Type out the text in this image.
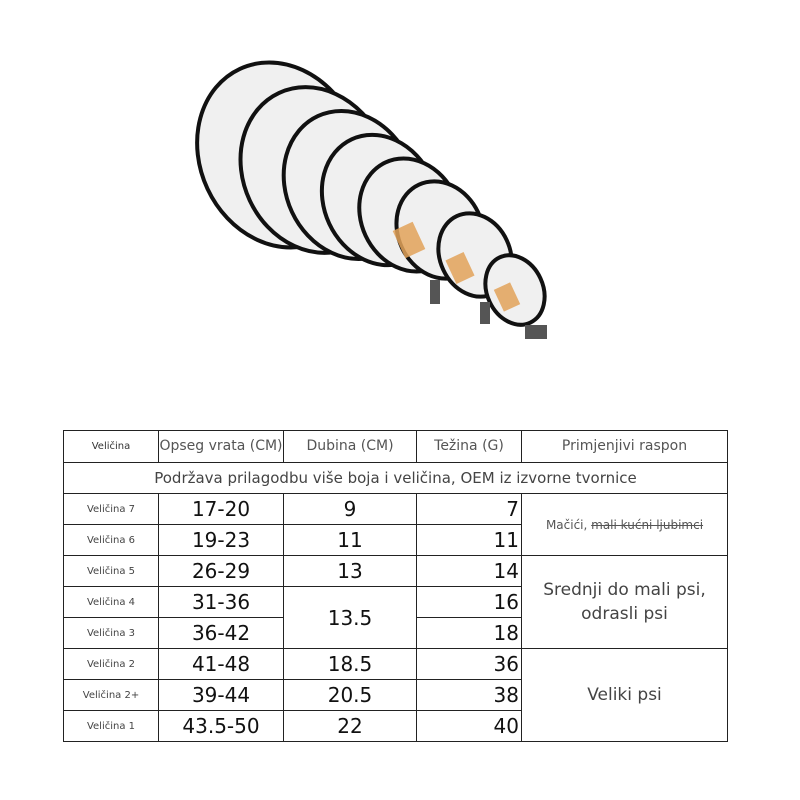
Veličina	Opseg vrata (CM)	Dubina (CM)	Težina (G)	Primjenjivi raspon
Podržava prilagodbu više boja i veličina, OEM iz izvorne tvornice				
Veličina 7	17-20	9	7	Mačići, mali kućni ljubimci
Veličina 6	19-23	11	11	
Veličina 5	26-29	13	14	Srednji do mali psi, odrasli psi
Veličina 4	31-36	13.5	16	
Veličina 3	36-42		18	
Veličina 2	41-48	18.5	36	Veliki psi
Veličina 2+	39-44	20.5	38	
Veličina 1	43.5-50	22	40	
